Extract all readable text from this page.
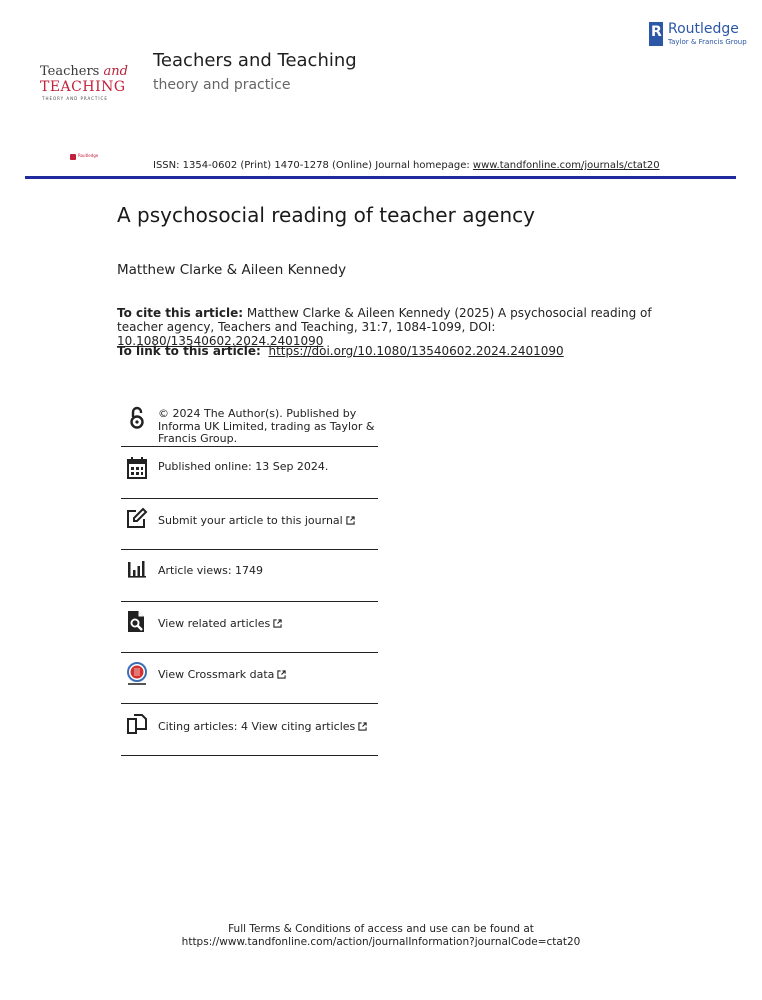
Teachers and
TEACHING
THEORY AND PRACTICE
Routledge
Teachers and Teaching
theory and practice
R Routledge
Taylor & Francis Group
ISSN: 1354-0602 (Print) 1470-1278 (Online) Journal homepage: www.tandfonline.com/journals/ctat20
A psychosocial reading of teacher agency
Matthew Clarke & Aileen Kennedy
To cite this article: Matthew Clarke & Aileen Kennedy (2025) A psychosocial reading of teacher agency, Teachers and Teaching, 31:7, 1084-1099, DOI: 10.1080/13540602.2024.2401090
To link to this article: https://doi.org/10.1080/13540602.2024.2401090
© 2024 The Author(s). Published by Informa UK Limited, trading as Taylor & Francis Group.
Published online: 13 Sep 2024.
Submit your article to this journal
Article views: 1749
View related articles
View Crossmark data
Citing articles: 4 View citing articles
Full Terms & Conditions of access and use can be found at
https://www.tandfonline.com/action/journalInformation?journalCode=ctat20
